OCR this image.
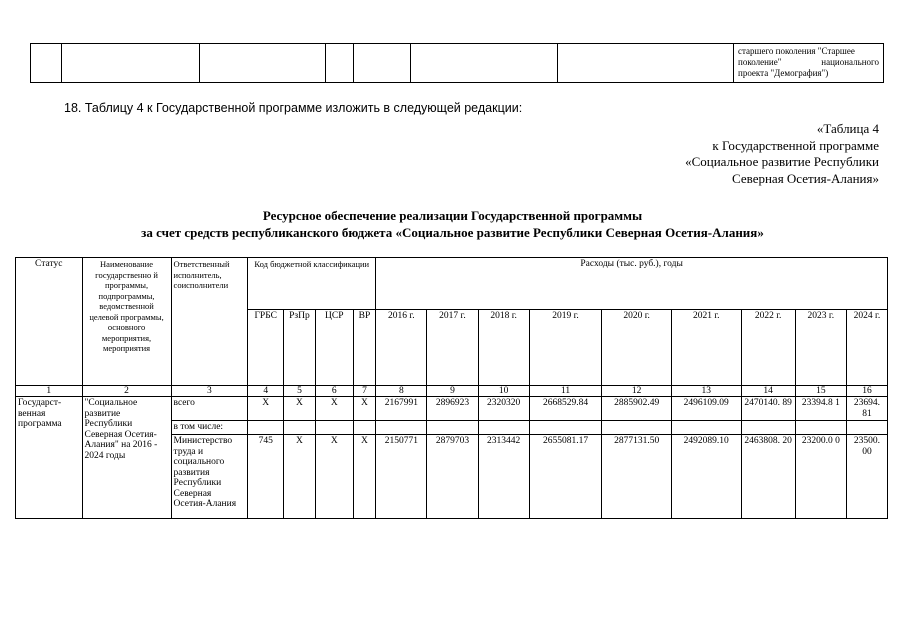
старшего поколения "Старшее
поколение" национального
проекта "Демография")
18. Таблицу 4 к Государственной программе изложить в следующей редакции:
«Таблица 4
к Государственной программе
«Социальное развитие Республики
Северная Осетия-Алания»
Ресурсное обеспечение реализации Государственной программы
за счет средств республиканского бюджета «Социальное развитие Республики Северная Осетия-Алания»
Статус	Наименование государственно й программы, подпрограммы, ведомственной целевой программы, основного мероприятия, мероприятия	Ответственный исполнитель, соисполнители	Код бюджетной классификации				Расходы (тыс. руб.), годы								
			ГРБС	РзПр	ЦСР	ВР	2016 г.	2017 г.	2018 г.	2019 г.	2020 г.	2021 г.	2022 г.	2023 г.	2024 г.
1	2	3	4	5	6	7	8	9	10	11	12	13	14	15	16
Государст-венная программа	"Социальное развитие Республики Северная Осетия-Алания" на 2016 - 2024 годы	всего	Х	Х	Х	Х	2167991	2896923	2320320	2668529.84	2885902.49	2496109.09	2470140. 89	23394.8 1	23694. 81
		в том числе:													
		Министерство труда и социального развития Республики Северная Осетия-Алания	745	Х	Х	Х	2150771	2879703	2313442	2655081.17	2877131.50	2492089.10	2463808. 20	23200.0 0	23500. 00
